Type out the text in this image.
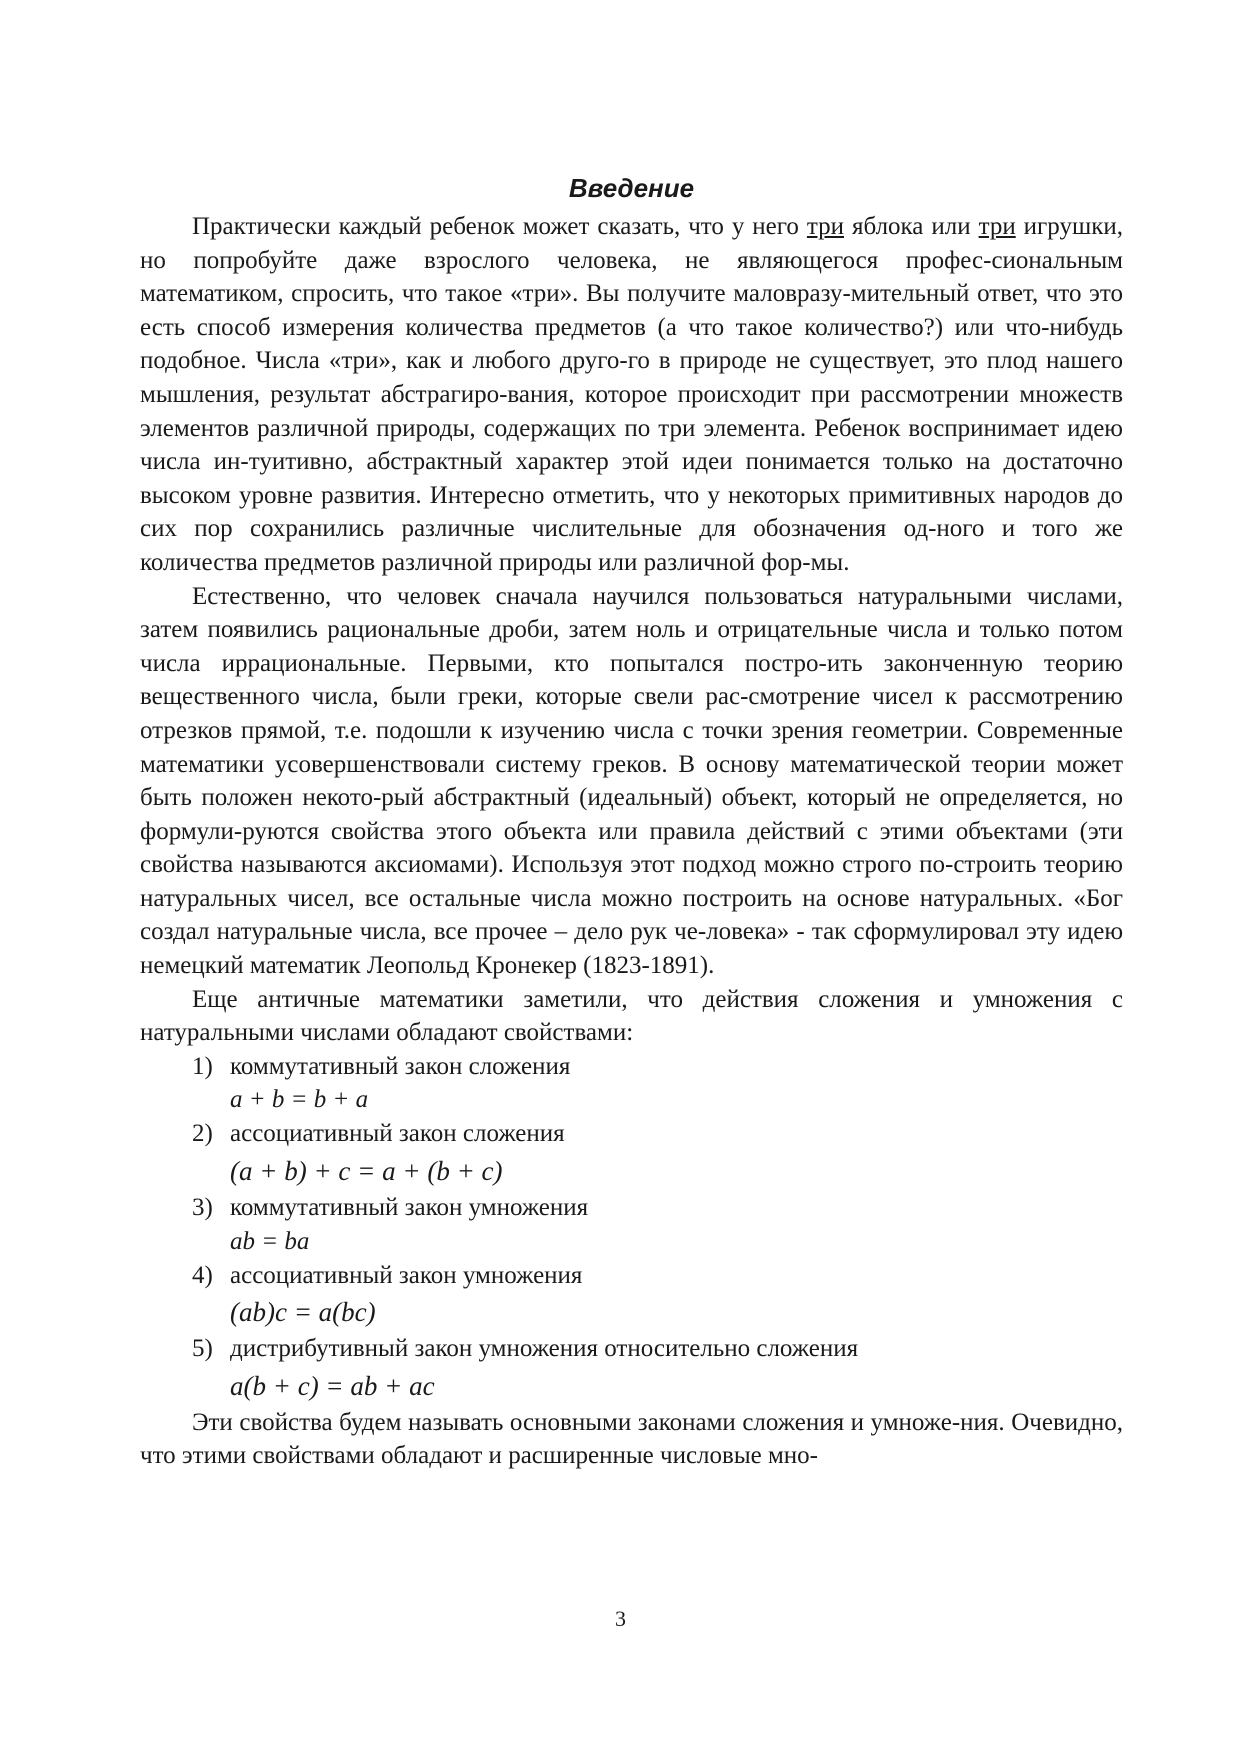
Введение

Практически каждый ребенок может сказать, что у него три яблока или три игрушки, но попробуйте даже взрослого человека, не являющегося профес-сиональным математиком, спросить, что такое «три». Вы получите маловразу-мительный ответ, что это есть способ измерения количества предметов (а что такое количество?) или что-нибудь подобное. Числа «три», как и любого друго-го в природе не существует, это плод нашего мышления, результат абстрагиро-вания, которое происходит при рассмотрении множеств элементов различной природы, содержащих по три элемента. Ребенок воспринимает идею числа ин-туитивно, абстрактный характер этой идеи понимается только на достаточно высоком уровне развития. Интересно отметить, что у некоторых примитивных народов до сих пор сохранились различные числительные для обозначения од-ного и того же количества предметов различной природы или различной фор-мы.

Естественно, что человек сначала научился пользоваться натуральными числами, затем появились рациональные дроби, затем ноль и отрицательные числа и только потом числа иррациональные. Первыми, кто попытался постро-ить законченную теорию вещественного числа, были греки, которые свели рас-смотрение чисел к рассмотрению отрезков прямой, т.е. подошли к изучению числа с точки зрения геометрии. Современные математики усовершенствовали систему греков. В основу математической теории может быть положен некото-рый абстрактный (идеальный) объект, который не определяется, но формули-руются свойства этого объекта или правила действий с этими объектами (эти свойства называются аксиомами). Используя этот подход можно строго по-строить теорию натуральных чисел, все остальные числа можно построить на основе натуральных. «Бог создал натуральные числа, все прочее – дело рук че-ловека» - так сформулировал эту идею немецкий математик Леопольд Кронекер (1823-1891).

Еще античные математики заметили, что действия сложения и умножения с натуральными числами обладают свойствами:

1) коммутативный закон сложения
a + b = b + a
2) ассоциативный закон сложения
(a + b) + c = a + (b + c)
3) коммутативный закон умножения
ab = ba
4) ассоциативный закон умножения
(ab)c = a(bc)
5) дистрибутивный закон умножения относительно сложения
a(b + c) = ab + ac

Эти свойства будем называть основными законами сложения и умноже-ния. Очевидно, что этими свойствами обладают и расширенные числовые мно-

3
